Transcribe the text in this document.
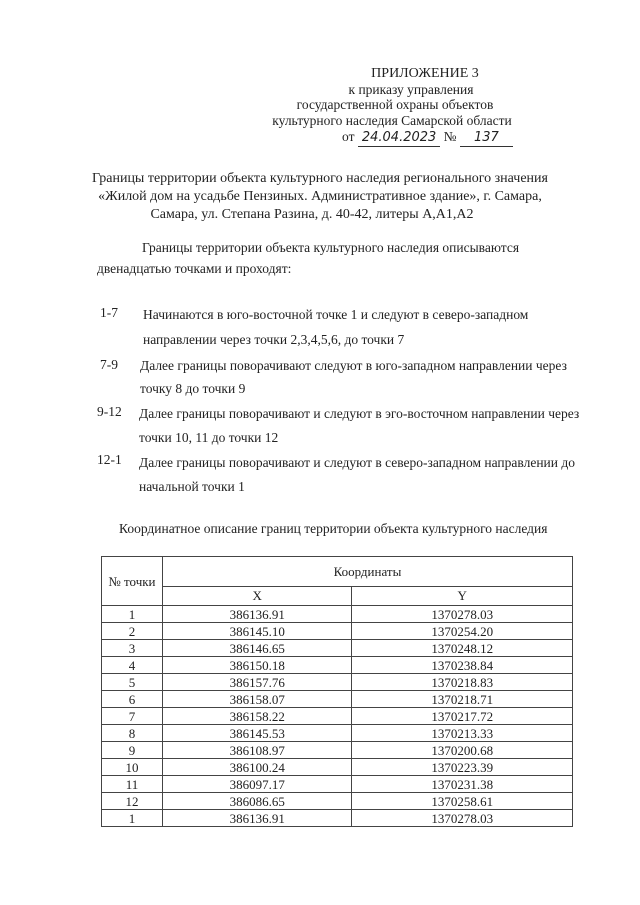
ПРИЛОЖЕНИЕ 3
к приказу управления
государственной охраны объектов
культурного наследия Самарской области
от 24.04.2023 № 137
Границы территории объекта культурного наследия регионального значения
«Жилой дом на усадьбе Пензиных. Административное здание», г. Самара,
Самара, ул. Степана Разина, д. 40-42, литеры А,А1,А2
Границы территории объекта культурного наследия описываются
двенадцатью точками и проходят:
1-7 Начинаются в юго-восточной точке 1 и следуют в северо-западном
направлении через точки 2,3,4,5,6, до точки 7
7-9 Далее границы поворачивают следуют в юго-западном направлении через
точку 8 до точки 9
9-12 Далее границы поворачивают и следуют в эго-восточном направлении через
точки 10, 11 до точки 12
12-1 Далее границы поворачивают и следуют в северо-западном направлении до
начальной точки 1
Координатное описание границ территории объекта культурного наследия
№ точки	Координаты	
	X	Y
1	386136.91	1370278.03
2	386145.10	1370254.20
3	386146.65	1370248.12
4	386150.18	1370238.84
5	386157.76	1370218.83
6	386158.07	1370218.71
7	386158.22	1370217.72
8	386145.53	1370213.33
9	386108.97	1370200.68
10	386100.24	1370223.39
11	386097.17	1370231.38
12	386086.65	1370258.61
1	386136.91	1370278.03
